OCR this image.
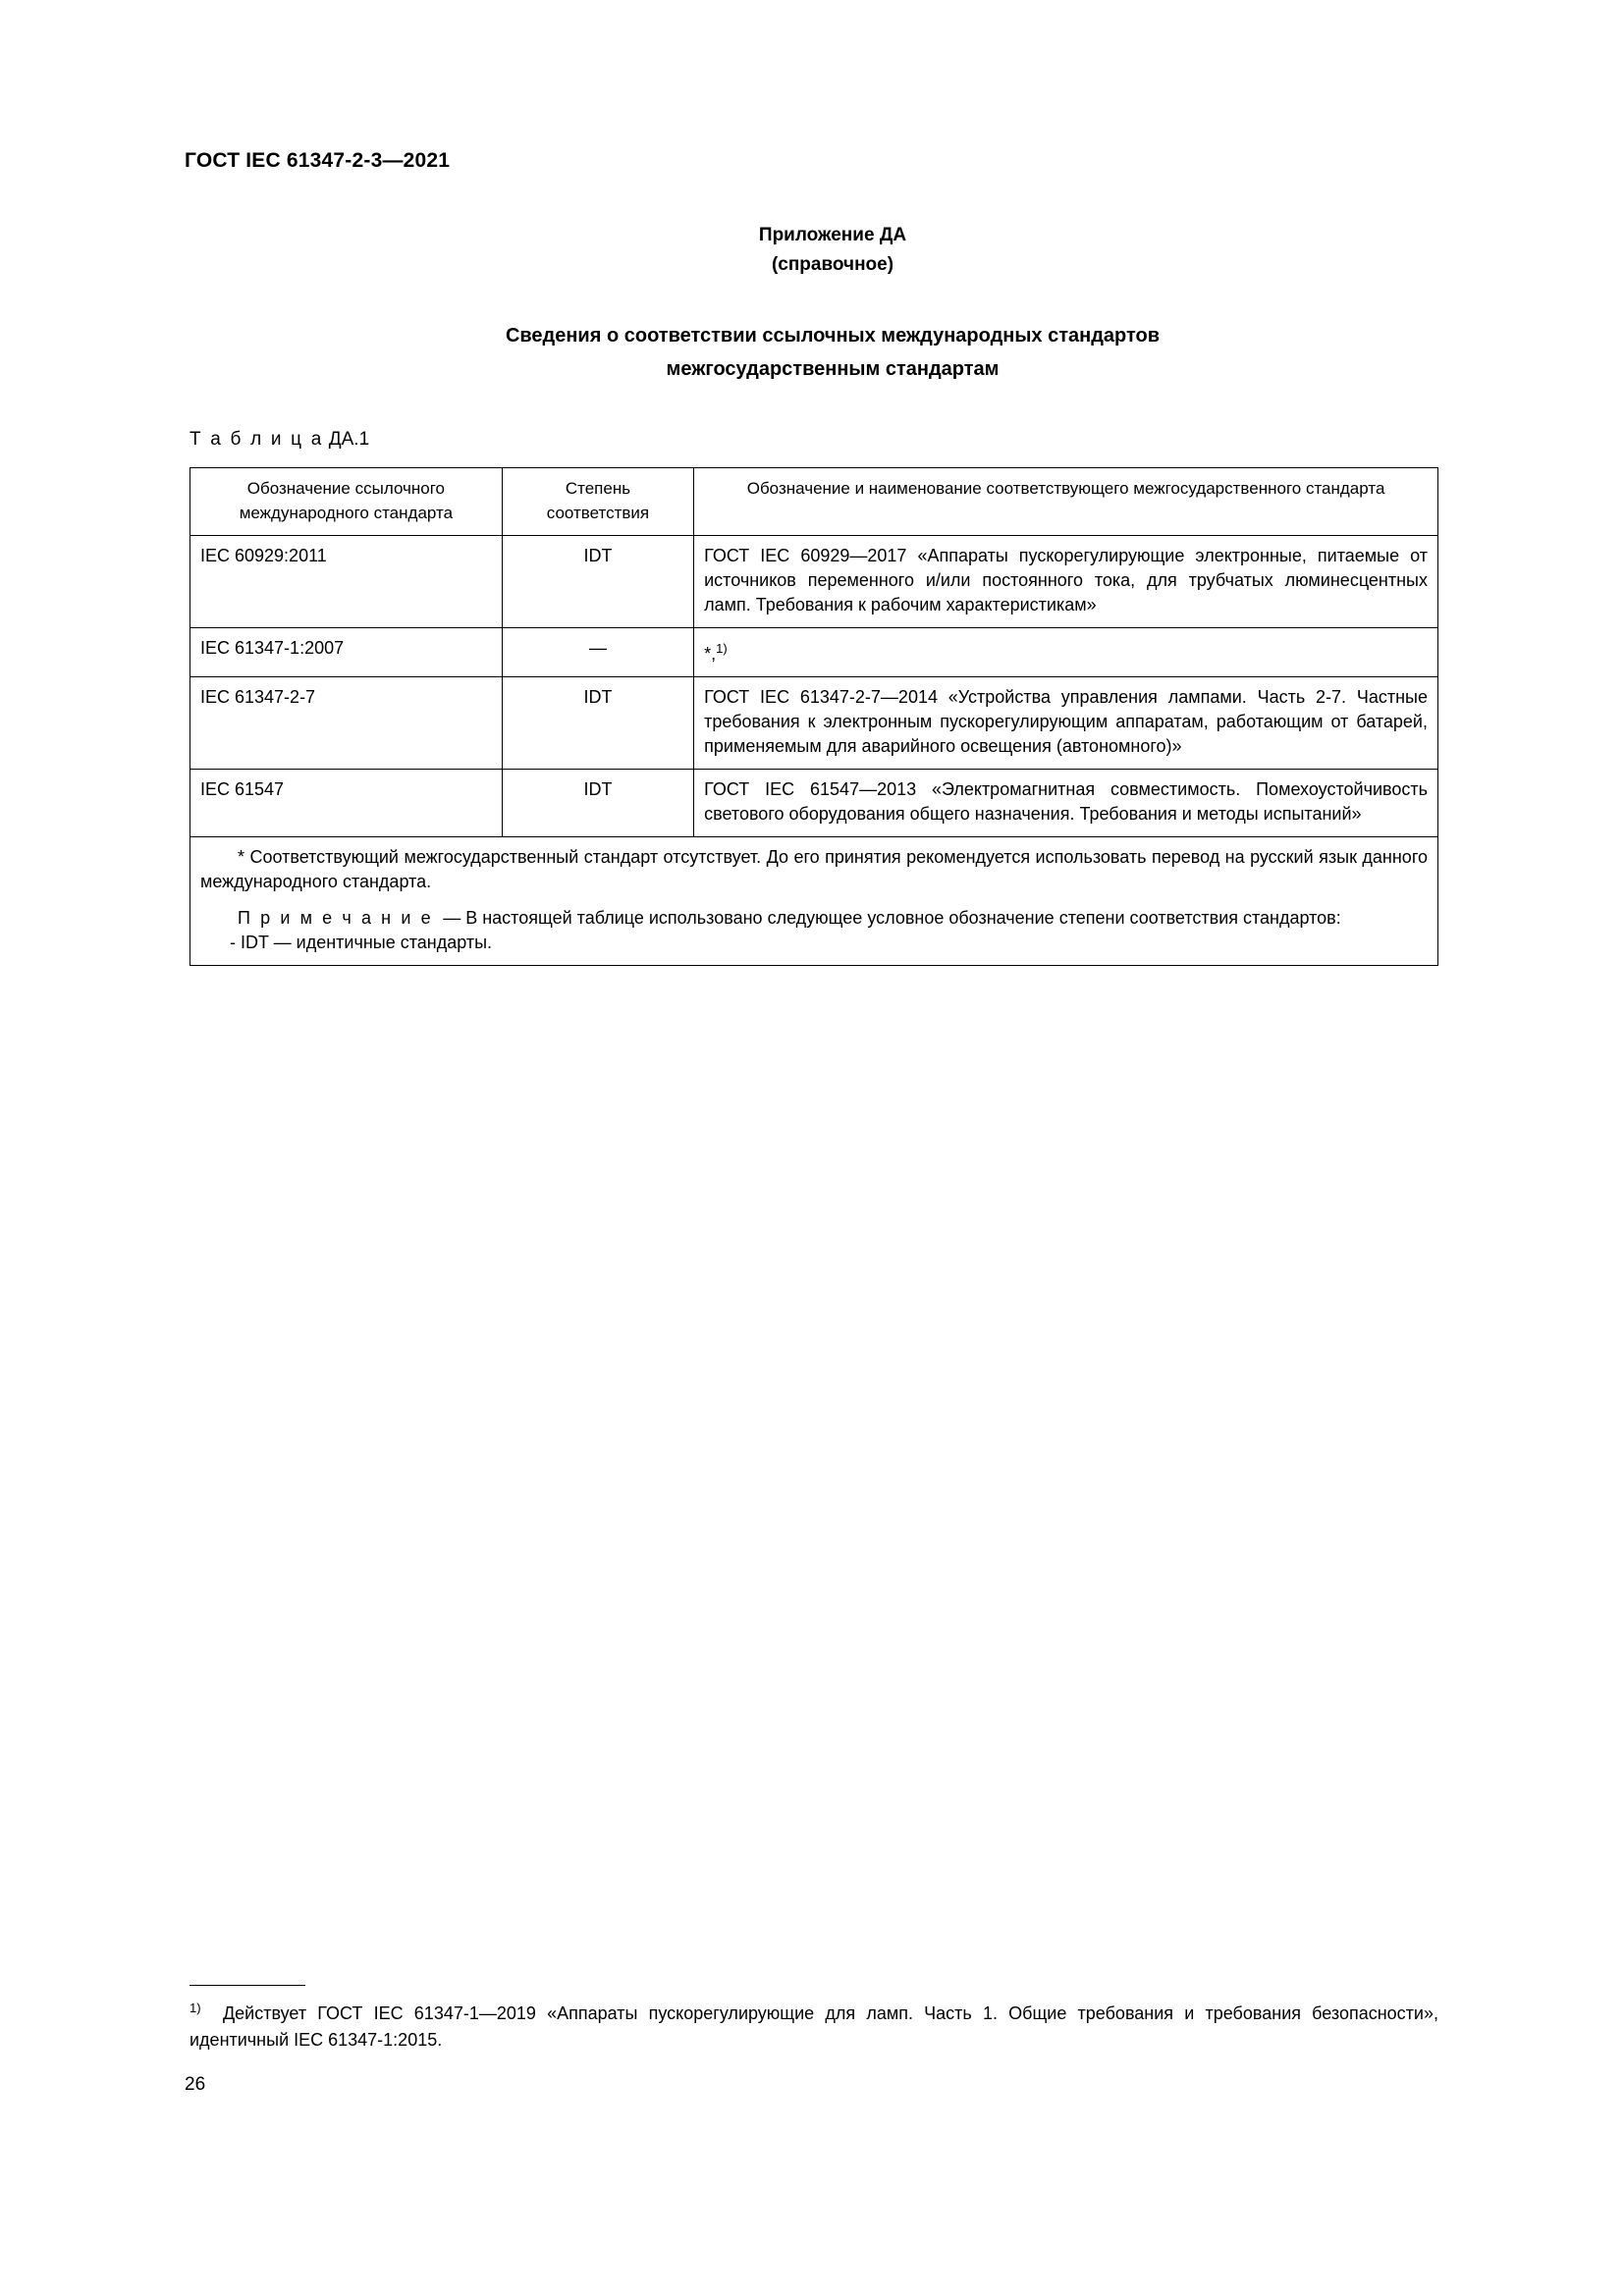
ГОСТ IEC 61347-2-3—2021
Приложение ДА
(справочное)
Сведения о соответствии ссылочных международных стандартов
межгосударственным стандартам
Т а б л и ц а ДА.1
Обозначение ссылочного международного стандарта	Степень соответствия	Обозначение и наименование соответствующего межгосударственного стандарта
IEC 60929:2011	IDT	ГОСТ IEC 60929—2017 «Аппараты пускорегулирующие электронные, питаемые от источников переменного и/или постоянного тока, для трубчатых люминесцентных ламп. Требования к рабочим характеристикам»
IEC 61347-1:2007	—	*,$^{1)}$
IEC 61347-2-7	IDT	ГОСТ IEC 61347-2-7—2014 «Устройства управления лампами. Часть 2-7. Частные требования к электронным пускорегулирующим аппаратам, работающим от батарей, применяемым для аварийного освещения (автономного)»
IEC 61547	IDT	ГОСТ IEC 61547—2013 «Электромагнитная совместимость. Помехоустойчивость светового оборудования общего назначения. Требования и методы испытаний»

* Соответствующий межгосударственный стандарт отсутствует. До его принятия рекомендуется использовать перевод на русский язык данного международного стандарта.

П р и м е ч а н и е — В настоящей таблице использовано следующее условное обозначение степени соответствия стандартов:

- IDT — идентичные стандарты.		

$^{1)}$ Действует ГОСТ IEC 61347-1—2019 «Аппараты пускорегулирующие для ламп. Часть 1. Общие требования и требования безопасности», идентичный IEC 61347-1:2015.
26
